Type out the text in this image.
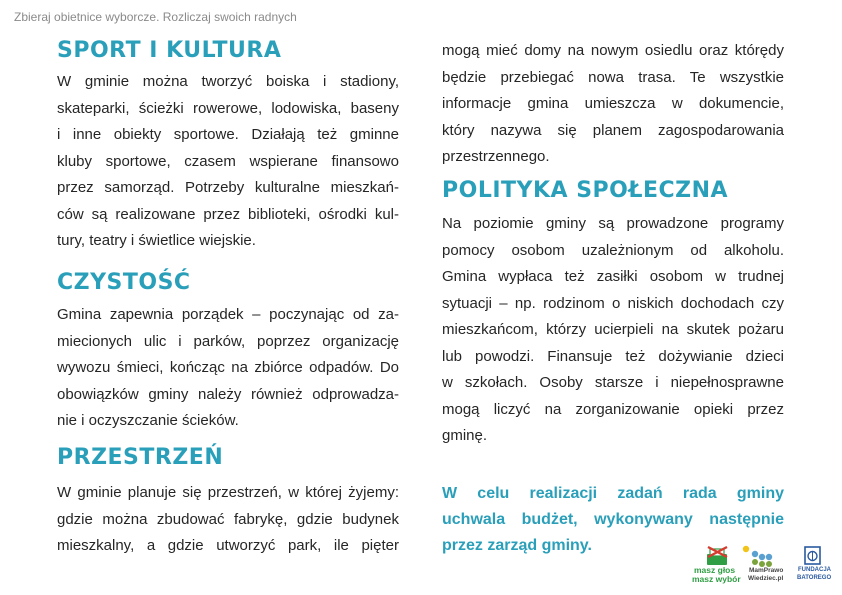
Zbieraj obietnice wyborcze. Rozliczaj swoich radnych
SPORT I KULTURA

W gminie można tworzyć boiska i stadiony,
skateparki, ścieżki rowerowe, lodowiska, baseny
i inne obiekty sportowe. Działają też gminne
kluby sportowe, czasem wspierane finansowo
przez samorząd. Potrzeby kulturalne mieszkań-
ców są realizowane przez biblioteki, ośrodki kul-
tury, teatry i świetlice wiejskie.

CZYSTOŚĆ

Gmina zapewnia porządek – poczynając od za-
miecionych ulic i parków, poprzez organizację
wywozu śmieci, kończąc na zbiórce odpadów. Do
obowiązków gminy należy również odprowadza-
nie i oczyszczanie ścieków.

PRZESTRZEŃ

W gminie planuje się przestrzeń, w której żyjemy:
gdzie można zbudować fabrykę, gdzie budynek
mieszkalny, a gdzie utworzyć park, ile pięter

mogą mieć domy na nowym osiedlu oraz którędy
będzie przebiegać nowa trasa. Te wszystkie
informacje gmina umieszcza w dokumencie,
który nazywa się planem zagospodarowania
przestrzennego.

POLITYKA SPOŁECZNA

Na poziomie gminy są prowadzone programy
pomocy osobom uzależnionym od alkoholu.
Gmina wypłaca też zasiłki osobom w trudnej
sytuacji – np. rodzinom o niskich dochodach czy
mieszkańcom, którzy ucierpieli na skutek pożaru
lub powodzi. Finansuje też dożywianie dzieci
w szkołach. Osoby starsze i niepełnosprawne
mogą liczyć na zorganizowanie opieki przez
gminę.

W celu realizacji zadań rada gminy
uchwala budżet, wykonywany następnie
przez zarząd gminy.

masz głos
masz wybór
MamPrawo
Wiedziec.pl
FUNDACJA
BATOREGO
